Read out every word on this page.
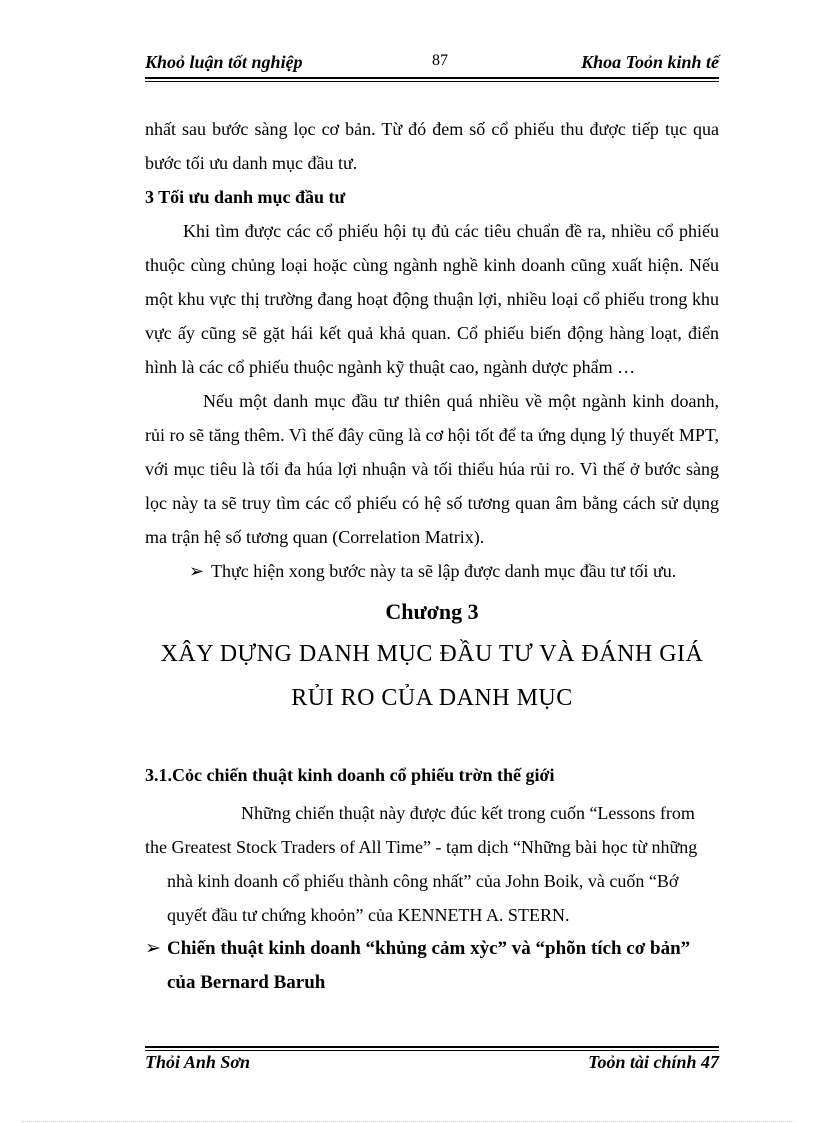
Khoỏ luận tốt nghiệp	87	Khoa Toỏn kinh tế

nhất sau bước sàng lọc cơ bản. Từ đó đem số cổ phiếu thu được tiếp tục qua bước tối ưu danh mục đầu tư.

3 Tối ưu danh mục đầu tư

Khi tìm được các cổ phiếu hội tụ đủ các tiêu chuẩn đề ra, nhiều cổ phiếu thuộc cùng chủng loại hoặc cùng ngành nghề kinh doanh cũng xuất hiện. Nếu một khu vực thị trường đang hoạt động thuận lợi, nhiều loại cổ phiếu trong khu vực ấy cũng sẽ gặt hái kết quả khả quan. Cổ phiếu biến động hàng loạt, điển hình là các cổ phiếu thuộc ngành kỹ thuật cao, ngành dược phẩm …

Nếu một danh mục đầu tư thiên quá nhiều về một ngành kinh doanh, rủi ro sẽ tăng thêm. Vì thế đây cũng là cơ hội tốt để ta ứng dụng lý thuyết MPT, với mục tiêu là tối đa húa lợi nhuận và tối thiểu húa rủi ro. Vì thế ở bước sàng lọc này ta sẽ truy tìm các cổ phiếu có hệ số tương quan âm bằng cách sử dụng ma trận hệ số tương quan (Correlation Matrix).

➢ Thực hiện xong bước này ta sẽ lập được danh mục đầu tư tối ưu.

Chương 3

XÂY DỰNG DANH MỤC ĐẦU TƯ VÀ ĐÁNH GIÁ

RỦI RO CỦA DANH MỤC

3.1.Cỏc chiến thuật kinh doanh cổ phiếu trờn thế giới

Những chiến thuật này được đúc kết trong cuốn “Lessons from

the Greatest Stock Traders of All Time” - tạm dịch “Những bài học từ những

nhà kinh doanh cổ phiếu thành công nhất” của John Boik, và cuốn “Bớ

quyết đầu tư chứng khoỏn” của KENNETH A. STERN.

➢ Chiến thuật kinh doanh “khủng cảm xỳc” và “phõn tích cơ bản”

của Bernard Baruh

Thỏi Anh Sơn	Toỏn tài chính 47
